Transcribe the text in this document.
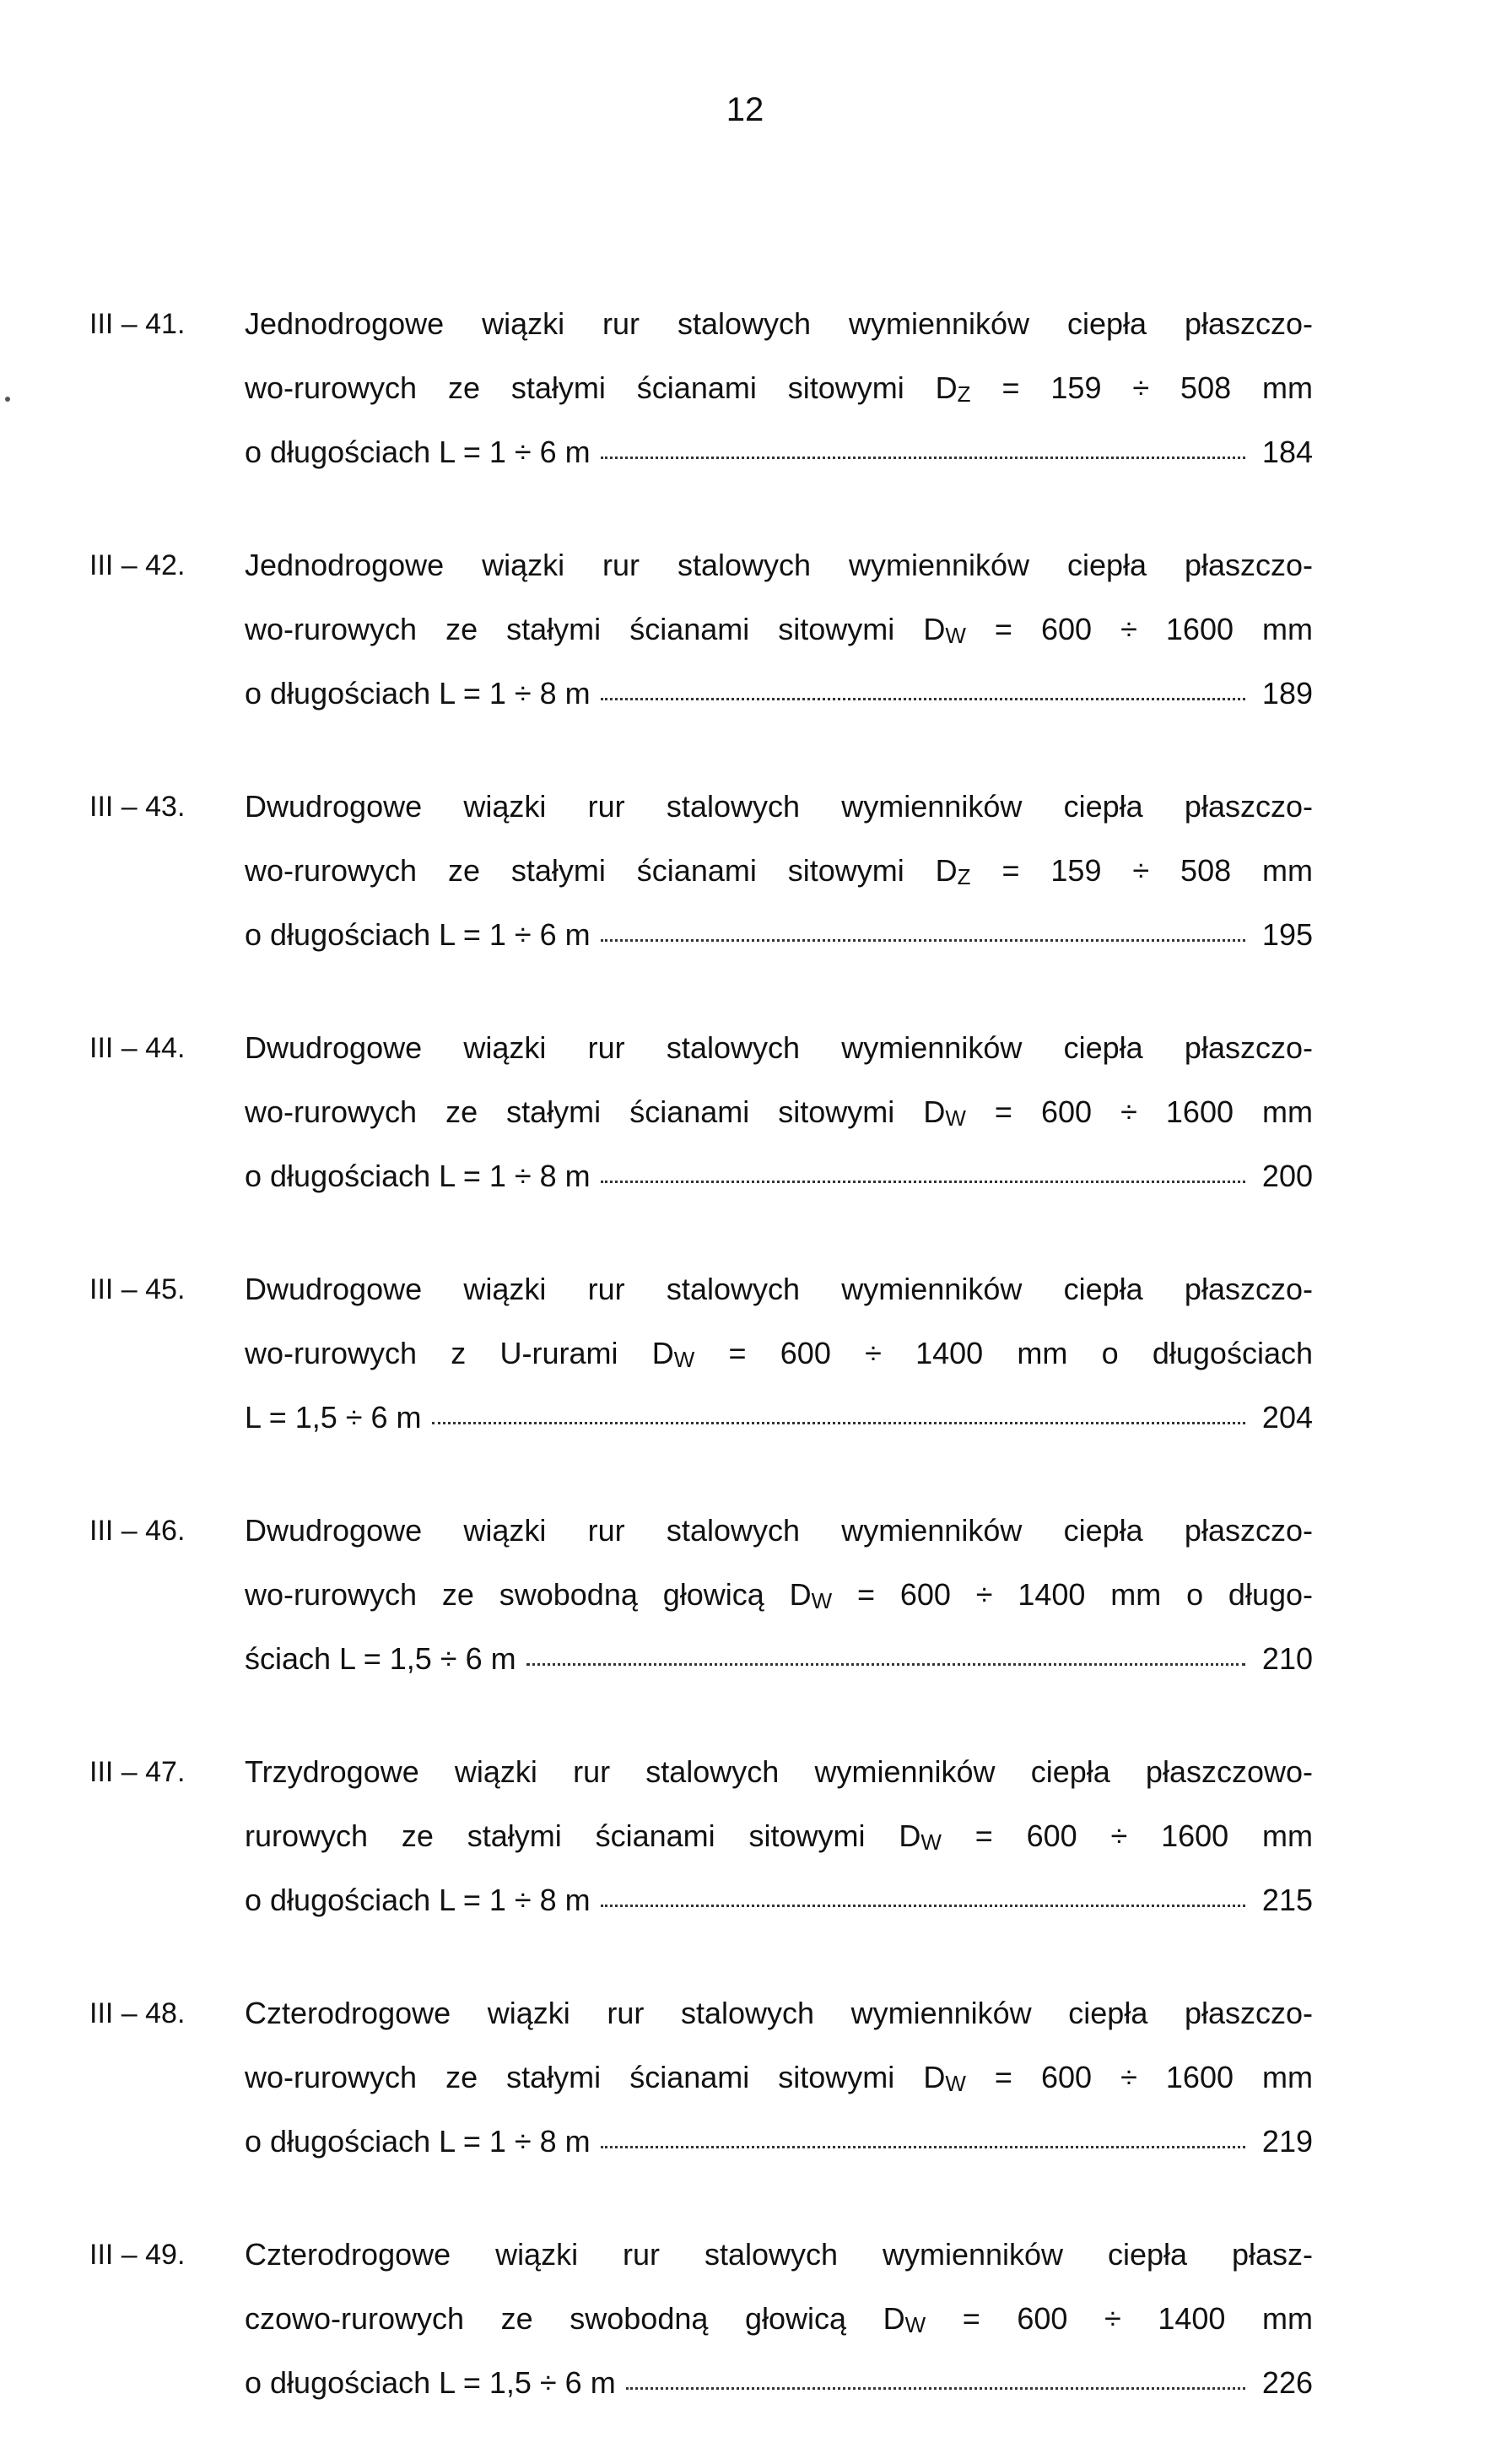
12
III – 41.	Jednodrogowe wiązki rur stalowych wymienników ciepła płaszczo-
wo-rurowych ze stałymi ścianami sitowymi $D_Z = 159 \div 508$ mm
o długościach L = 1 ÷ 6 m	184
III – 42.	Jednodrogowe wiązki rur stalowych wymienników ciepła płaszczo-
wo-rurowych ze stałymi ścianami sitowymi $D_W = 600 \div 1600$ mm
o długościach L = 1 ÷ 8 m	189
III – 43.	Dwudrogowe wiązki rur stalowych wymienników ciepła płaszczo-
wo-rurowych ze stałymi ścianami sitowymi $D_Z = 159 \div 508$ mm
o długościach L = 1 ÷ 6 m	195
III – 44.	Dwudrogowe wiązki rur stalowych wymienników ciepła płaszczo-
wo-rurowych ze stałymi ścianami sitowymi $D_W = 600 \div 1600$ mm
o długościach L = 1 ÷ 8 m	200
III – 45.	Dwudrogowe wiązki rur stalowych wymienników ciepła płaszczo-
wo-rurowych z U-rurami $D_W = 600 \div 1400$ mm o długościach
L = 1,5 ÷ 6 m	204
III – 46.	Dwudrogowe wiązki rur stalowych wymienników ciepła płaszczo-
wo-rurowych ze swobodną głowicą $D_W = 600 \div 1400$ mm o długo-
ściach L = 1,5 ÷ 6 m	210
III – 47.	Trzydrogowe wiązki rur stalowych wymienników ciepła płaszczowo-
rurowych ze stałymi ścianami sitowymi $D_W = 600 \div 1600$ mm
o długościach L = 1 ÷ 8 m	215
III – 48.	Czterodrogowe wiązki rur stalowych wymienników ciepła płaszczo-
wo-rurowych ze stałymi ścianami sitowymi $D_W = 600 \div 1600$ mm
o długościach L = 1 ÷ 8 m	219
III – 49.	Czterodrogowe wiązki rur stalowych wymienników ciepła płasz-
czowo-rurowych ze swobodną głowicą $D_W = 600 \div 1400$ mm
o długościach L = 1,5 ÷ 6 m	226
